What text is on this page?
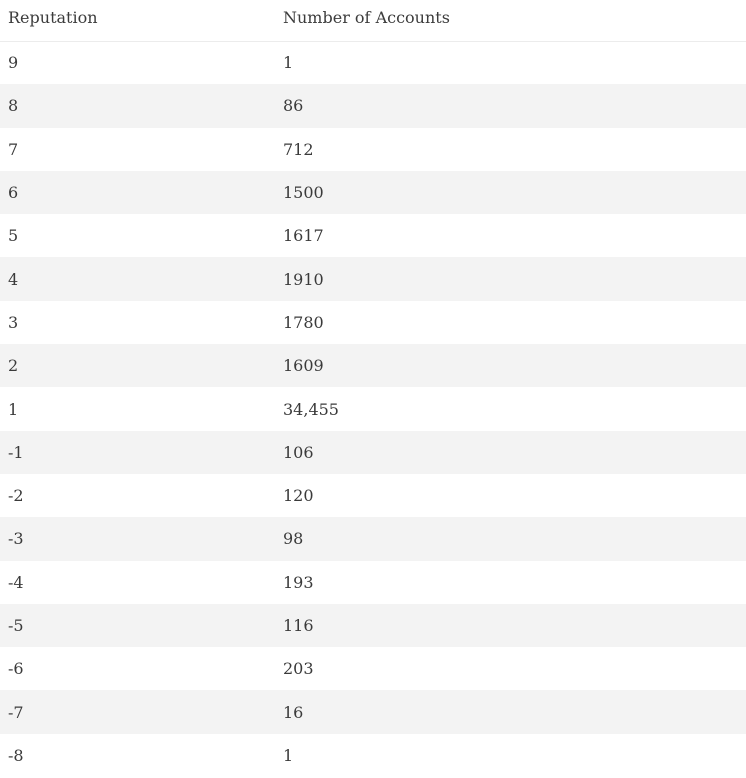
Reputation	Number of Accounts
9	1
8	86
7	712
6	1500
5	1617
4	1910
3	1780
2	1609
1	34,455
-1	106
-2	120
-3	98
-4	193
-5	116
-6	203
-7	16
-8	1
